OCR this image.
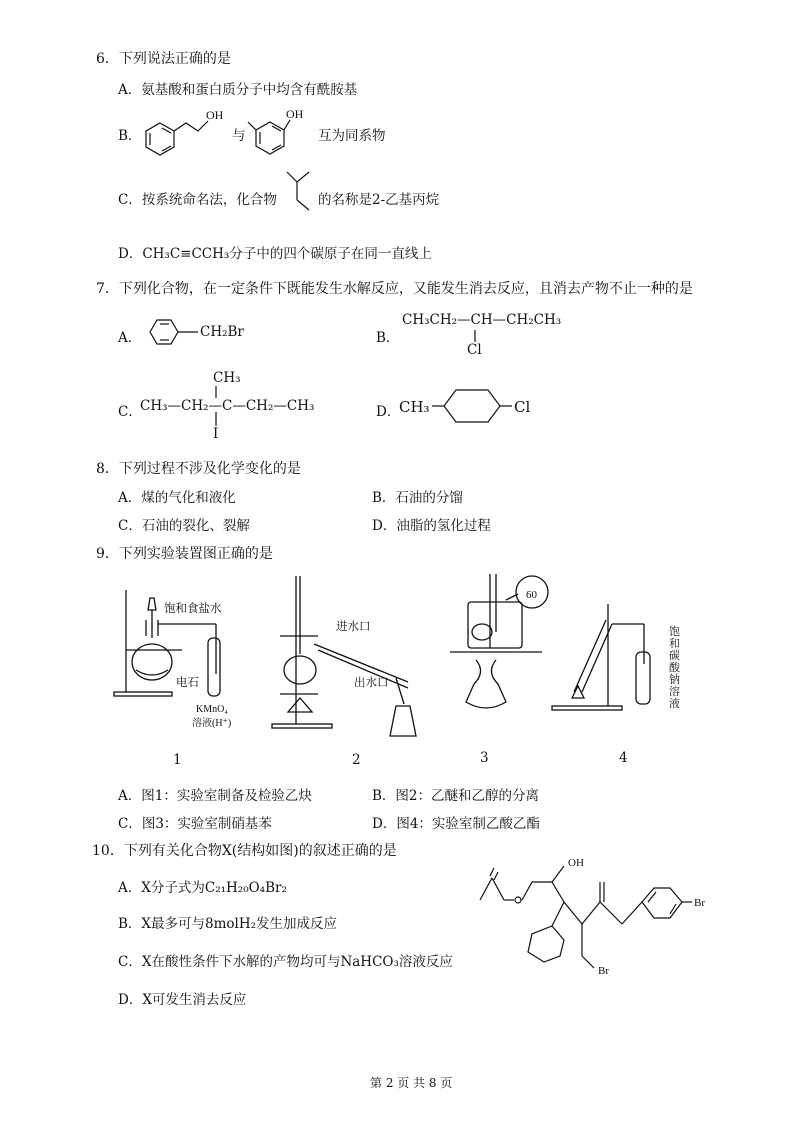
6．下列说法正确的是
A．氨基酸和蛋白质分子中均含有酰胺基
B．
OH
与
OH
互为同系物
C．按系统命名法，化合物	的名称是2-乙基丙烷
D．CH₃C≡CCH₃分子中的四个碳原子在同一直线上
7．下列化合物，在一定条件下既能发生水解反应，又能发生消去反应，且消去产物不止一种的是
A．	CH₂Br	B．
CH₃CH₂—CH—CH₂CH₃
Cl
C．
CH₃
CH₃—CH₂—C—CH₂—CH₃
I
D．
CH₃	Cl
8．下列过程不涉及化学变化的是
A．煤的气化和液化	B．石油的分馏
C．石油的裂化、裂解	D．油脂的氢化过程
9．下列实验装置图正确的是
饱和食盐水
电石
KMnO₄
溶液(H⁺)
进水口
出水口
60
饱和碳酸钠溶液
1	2	3	4
A．图1：实验室制备及检验乙炔	B．图2：乙醚和乙醇的分离
C．图3：实验室制硝基苯	D．图4：实验室制乙酸乙酯
10．下列有关化合物X(结构如图)的叙述正确的是
A．X分子式为C₂₁H₂₀O₄Br₂
B．X最多可与8molH₂发生加成反应
C．X在酸性条件下水解的产物均可与NaHCO₃溶液反应
D．X可发生消去反应
OH
Br
Br
第 2 页 共 8 页
